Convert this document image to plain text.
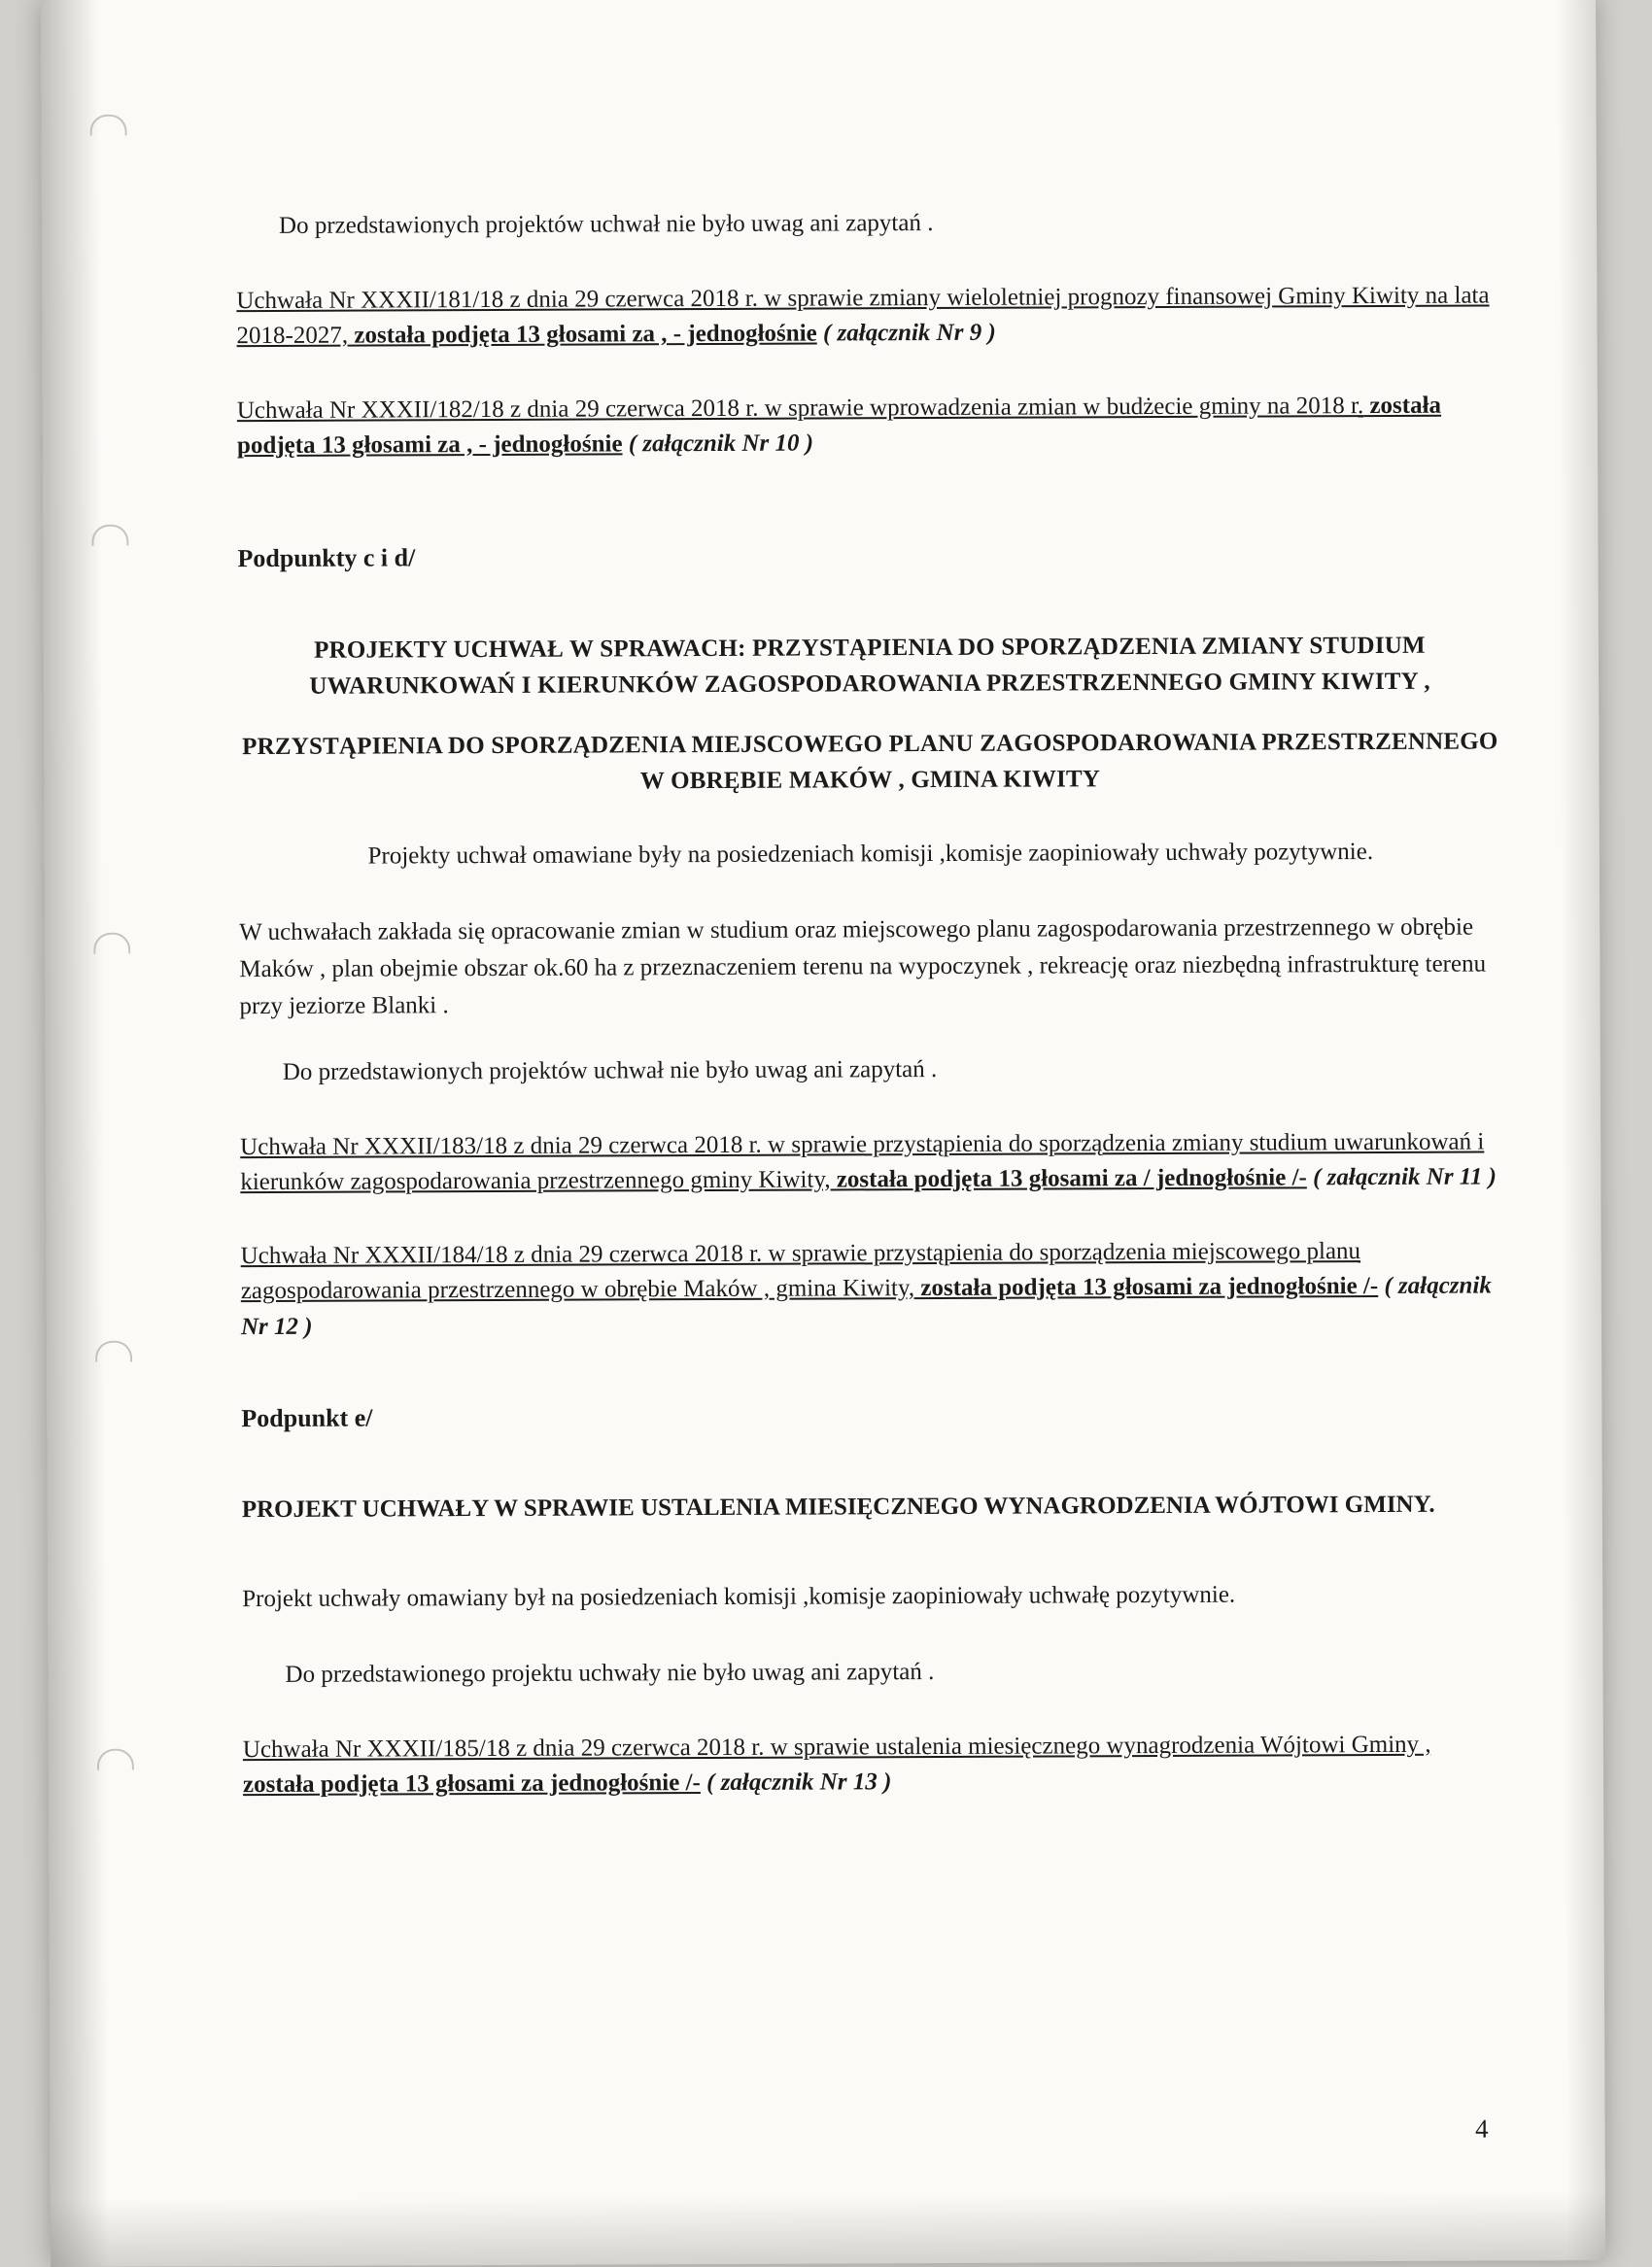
Do przedstawionych projektów uchwał nie było uwag ani zapytań .

Uchwała Nr XXXII/181/18 z dnia 29 czerwca 2018 r. w sprawie zmiany wieloletniej prognozy finansowej Gminy Kiwity na lata 2018-2027, została podjęta 13 głosami za , - jednogłośnie ( załącznik Nr 9 )

Uchwała Nr XXXII/182/18 z dnia 29 czerwca 2018 r. w sprawie wprowadzenia zmian w budżecie gminy na 2018 r. została podjęta 13 głosami za , - jednogłośnie ( załącznik Nr 10 )

Podpunkty c i d/

PROJEKTY UCHWAŁ W SPRAWACH: PRZYSTĄPIENIA DO SPORZĄDZENIA ZMIANY STUDIUM UWARUNKOWAŃ I KIERUNKÓW ZAGOSPODAROWANIA PRZESTRZENNEGO GMINY KIWITY ,

PRZYSTĄPIENIA DO SPORZĄDZENIA MIEJSCOWEGO PLANU ZAGOSPODAROWANIA PRZESTRZENNEGO W OBRĘBIE MAKÓW , GMINA KIWITY

Projekty uchwał omawiane były na posiedzeniach komisji ,komisje zaopiniowały uchwały pozytywnie.

W uchwałach zakłada się opracowanie zmian w studium oraz miejscowego planu zagospodarowania przestrzennego w obrębie Maków , plan obejmie obszar ok.60 ha z przeznaczeniem terenu na wypoczynek , rekreację oraz niezbędną infrastrukturę terenu przy jeziorze Blanki .

Do przedstawionych projektów uchwał nie było uwag ani zapytań .

Uchwała Nr XXXII/183/18 z dnia 29 czerwca 2018 r. w sprawie przystąpienia do sporządzenia zmiany studium uwarunkowań i kierunków zagospodarowania przestrzennego gminy Kiwity, została podjęta 13 głosami za / jednogłośnie /- ( załącznik Nr 11 )

Uchwała Nr XXXII/184/18 z dnia 29 czerwca 2018 r. w sprawie przystąpienia do sporządzenia miejscowego planu zagospodarowania przestrzennego w obrębie Maków , gmina Kiwity, została podjęta 13 głosami za jednogłośnie /- ( załącznik Nr 12 )

Podpunkt e/

PROJEKT UCHWAŁY W SPRAWIE USTALENIA MIESIĘCZNEGO WYNAGRODZENIA WÓJTOWI GMINY.

Projekt uchwały omawiany był na posiedzeniach komisji ,komisje zaopiniowały uchwałę pozytywnie.

Do przedstawionego projektu uchwały nie było uwag ani zapytań .

Uchwała Nr XXXII/185/18 z dnia 29 czerwca 2018 r. w sprawie ustalenia miesięcznego wynagrodzenia Wójtowi Gminy , została podjęta 13 głosami za jednogłośnie /- ( załącznik Nr 13 )

4
